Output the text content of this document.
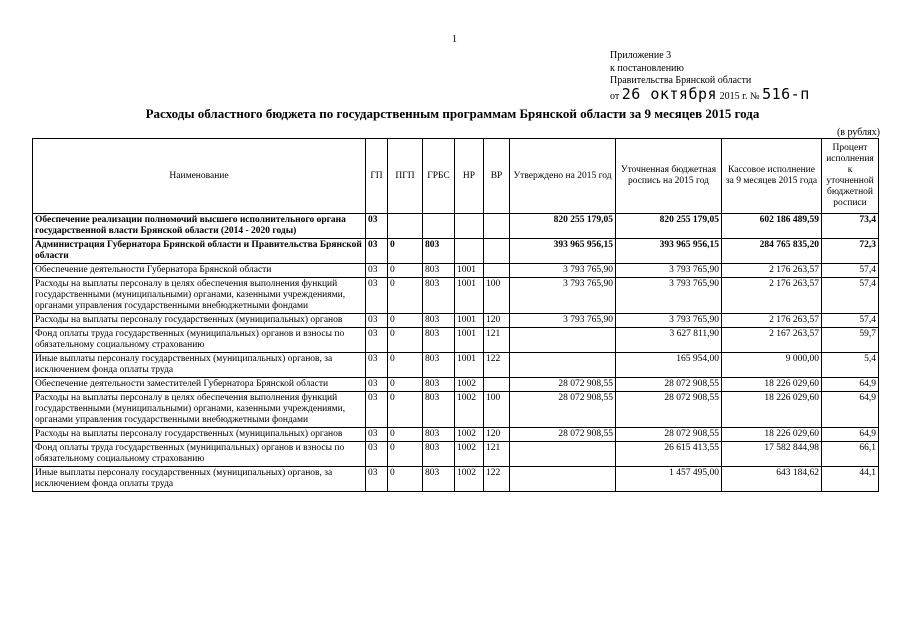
1
Приложение 3
к постановлению
Правительства Брянской области
от 26 октября 2015 г. № 516-п
Расходы областного бюджета по государственным программам Брянской области за 9 месяцев 2015 года
(в рублях)
Наименование	ГП	ПГП	ГРБС	НР	ВР	Утверждено на 2015 год	Уточненная бюджетная роспись на 2015 год	Кассовое исполнение за 9 месяцев 2015 года	Процент исполнения к уточненной бюджетной росписи
Обеспечение реализации полномочий высшего исполнительного органа государственной власти Брянской области (2014 - 2020 годы)	03					820 255 179,05	820 255 179,05	602 186 489,59	73,4
Администрация Губернатора Брянской области и Правительства Брянской области	03	0	803			393 965 956,15	393 965 956,15	284 765 835,20	72,3
Обеспечение деятельности Губернатора Брянской области	03	0	803	1001		3 793 765,90	3 793 765,90	2 176 263,57	57,4
Расходы на выплаты персоналу в целях обеспечения выполнения функций государственными (муниципальными) органами, казенными учреждениями, органами управления государственными внебюджетными фондами	03	0	803	1001	100	3 793 765,90	3 793 765,90	2 176 263,57	57,4
Расходы на выплаты персоналу государственных (муниципальных) органов	03	0	803	1001	120	3 793 765,90	3 793 765,90	2 176 263,57	57,4
Фонд оплаты труда государственных (муниципальных) органов и взносы по обязательному социальному страхованию	03	0	803	1001	121		3 627 811,90	2 167 263,57	59,7
Иные выплаты персоналу государственных (муниципальных) органов, за исключением фонда оплаты труда	03	0	803	1001	122		165 954,00	9 000,00	5,4
Обеспечение деятельности заместителей Губернатора Брянской области	03	0	803	1002		28 072 908,55	28 072 908,55	18 226 029,60	64,9
Расходы на выплаты персоналу в целях обеспечения выполнения функций государственными (муниципальными) органами, казенными учреждениями, органами управления государственными внебюджетными фондами	03	0	803	1002	100	28 072 908,55	28 072 908,55	18 226 029,60	64,9
Расходы на выплаты персоналу государственных (муниципальных) органов	03	0	803	1002	120	28 072 908,55	28 072 908,55	18 226 029,60	64,9
Фонд оплаты труда государственных (муниципальных) органов и взносы по обязательному социальному страхованию	03	0	803	1002	121		26 615 413,55	17 582 844,98	66,1
Иные выплаты персоналу государственных (муниципальных) органов, за исключением фонда оплаты труда	03	0	803	1002	122		1 457 495,00	643 184,62	44,1
